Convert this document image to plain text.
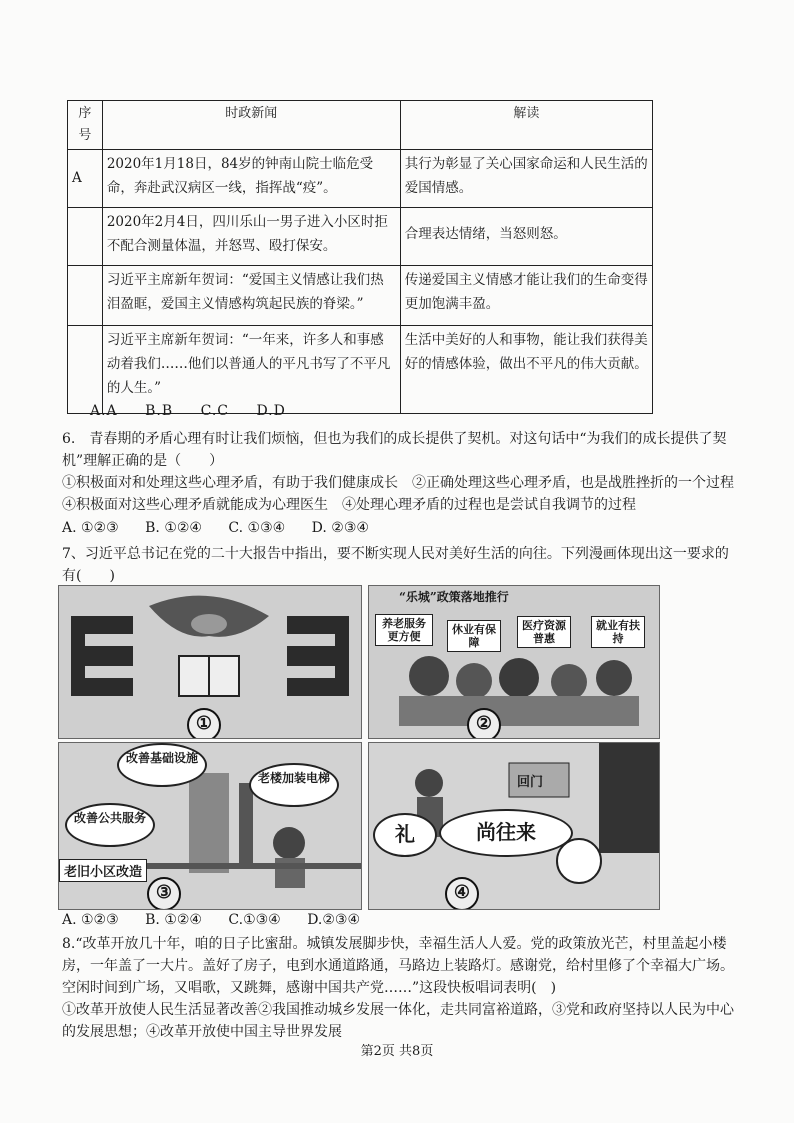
序号	时政新闻	解读
A	2020年1月18日，84岁的钟南山院士临危受命，奔赴武汉病区一线，指挥战“疫”。	其行为彰显了关心国家命运和人民生活的爱国情感。
	2020年2月4日，四川乐山一男子进入小区时拒不配合测量体温，并怒骂、殴打保安。	合理表达情绪，当怒则怒。
	习近平主席新年贺词：“爱国主义情感让我们热泪盈眶，爱国主义情感构筑起民族的脊梁。”	传递爱国主义情感才能让我们的生命变得更加饱满丰盈。
	习近平主席新年贺词：“一年来，许多人和事感动着我们……他们以普通人的平凡书写了不平凡的人生。”	生活中美好的人和事物，能让我们获得美好的情感体验，做出不平凡的伟大贡献。
A.A B.B C.C D.D

6.　青春期的矛盾心理有时让我们烦恼，但也为我们的成长提供了契机。对这句话中“为我们的成长提供了契机”理解正确的是（　　）

①积极面对和处理这些心理矛盾，有助于我们健康成长　②正确处理这些心理矛盾，也是战胜挫折的一个过程　④积极面对这些心理矛盾就能成为心理医生　④处理心理矛盾的过程也是尝试自我调节的过程

A. ①②③ B. ①②④ C. ①③④ D. ②③④

7、习近平总书记在党的二十大报告中指出，要不断实现人民对美好生活的向往。下列漫画体现出这一要求的有(　　)

①
“乐城”政策落地推行
养老服务更方便
休业有保障
医疗资源普惠
就业有扶持
②
改善基础设施
老楼加装电梯
改善公共服务
老旧小区改造
③
回门
礼	尚往来
④
A. ①②③ B. ①②④ C.①③④ D.②③④

8.“改革开放几十年，咱的日子比蜜甜。城镇发展脚步快，幸福生活人人爱。党的政策放光芒，村里盖起小楼房，一年盖了一大片。盖好了房子，电到水通道路通，马路边上装路灯。感谢党，给村里修了个幸福大广场。空闲时间到广场，又唱歌，又跳舞，感谢中国共产党……”这段快板唱词表明(　)

①改革开放使人民生活显著改善②我国推动城乡发展一体化，走共同富裕道路，③党和政府坚持以人民为中心的发展思想；④改革开放使中国主导世界发展

第2页 共8页
